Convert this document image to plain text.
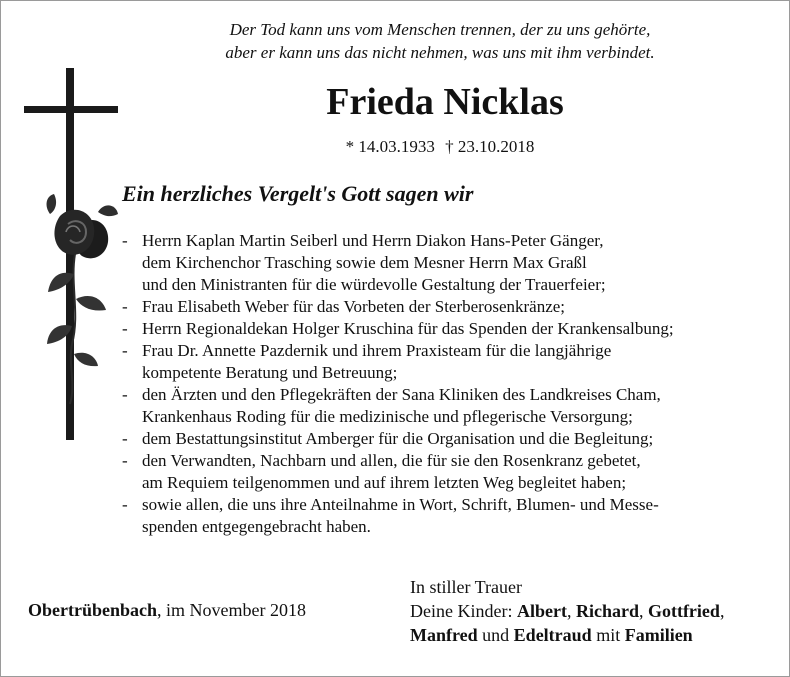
Der Tod kann uns vom Menschen trennen, der zu uns gehörte,
aber er kann uns das nicht nehmen, was uns mit ihm verbindet.
Frieda Nicklas
* 14.03.1933 † 23.10.2018
Ein herzliches Vergelt's Gott sagen wir
- Herrn Kaplan Martin Seiberl und Herrn Diakon Hans-Peter Gänger,
dem Kirchenchor Trasching sowie dem Mesner Herrn Max Graßl
und den Ministranten für die würdevolle Gestaltung der Trauerfeier;
- Frau Elisabeth Weber für das Vorbeten der Sterberosenkränze;
- Herrn Regionaldekan Holger Kruschina für das Spenden der Krankensalbung;
- Frau Dr. Annette Pazdernik und ihrem Praxisteam für die langjährige
kompetente Beratung und Betreuung;
- den Ärzten und den Pflegekräften der Sana Kliniken des Landkreises Cham,
Krankenhaus Roding für die medizinische und pflegerische Versorgung;
- dem Bestattungsinstitut Amberger für die Organisation und die Begleitung;
- den Verwandten, Nachbarn und allen, die für sie den Rosenkranz gebetet,
am Requiem teilgenommen und auf ihrem letzten Weg begleitet haben;
- sowie allen, die uns ihre Anteilnahme in Wort, Schrift, Blumen- und Messe-
spenden entgegengebracht haben.
Obertrübenbach, im November 2018
In stiller Trauer
Deine Kinder: Albert, Richard, Gottfried,
Manfred und Edeltraud mit Familien
